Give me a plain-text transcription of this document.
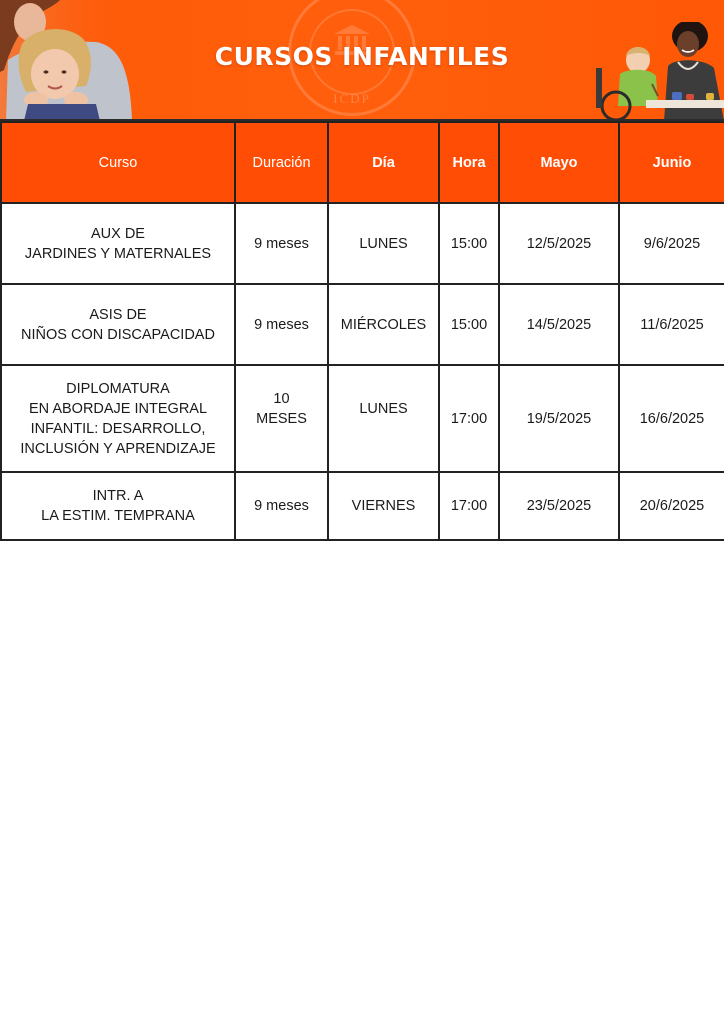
ICDP
CURSOS INFANTILES
Curso	Duración	Día	Hora	Mayo	Junio
AUX DE
JARDINES Y MATERNALES	9 meses	LUNES	15:00	12/5/2025	9/6/2025
ASIS DE
NIÑOS CON DISCAPACIDAD	9 meses	MIÉRCOLES	15:00	14/5/2025	11/6/2025
DIPLOMATURA
EN ABORDAJE INTEGRAL
INFANTIL: DESARROLLO,
INCLUSIÓN Y APRENDIZAJE	10
MESES	LUNES	17:00	19/5/2025	16/6/2025
INTR. A
LA ESTIM. TEMPRANA	9 meses	VIERNES	17:00	23/5/2025	20/6/2025
